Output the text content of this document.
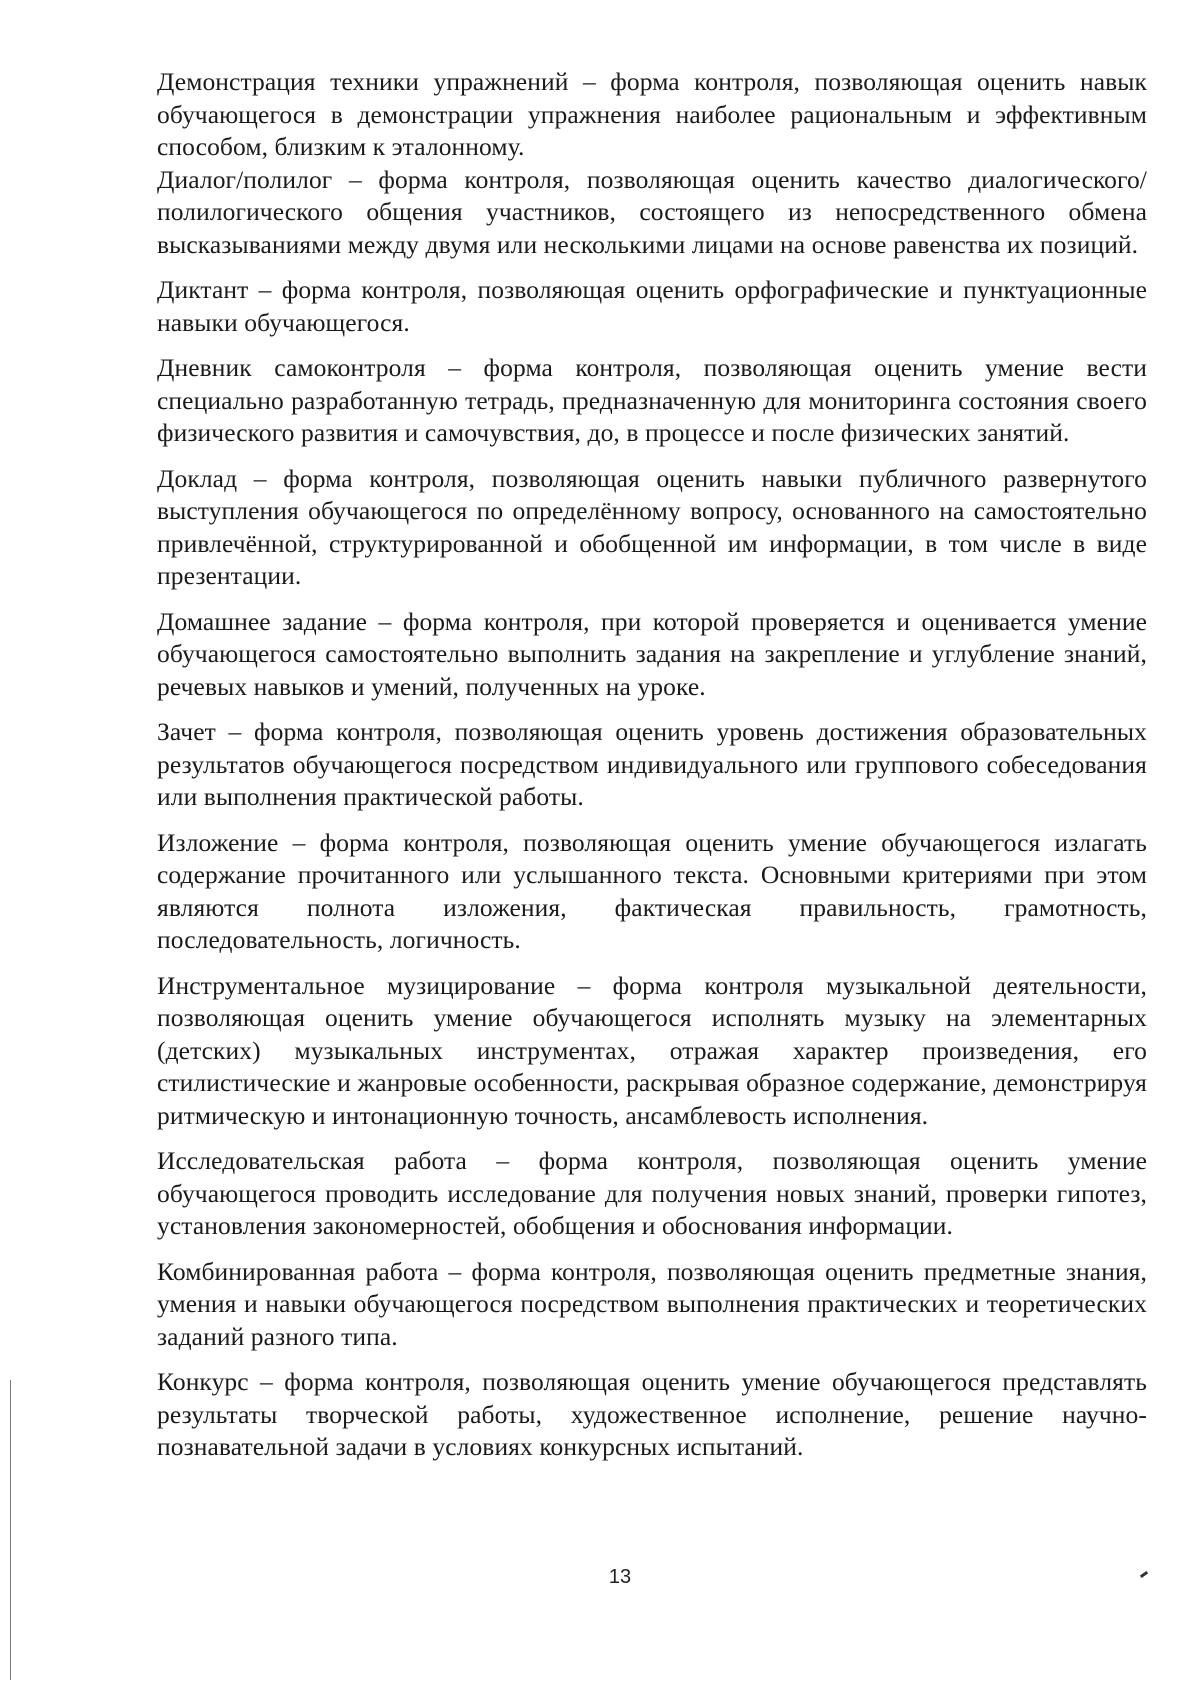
Демонстрация техники упражнений – форма контроля, позволяющая оценить навык обучающегося в демонстрации упражнения наиболее рациональным и эффективным способом, близким к эталонному.

Диалог/полилог – форма контроля, позволяющая оценить качество диалогического/полилогического общения участников, состоящего из непосредственного обмена высказываниями между двумя или несколькими лицами на основе равенства их позиций.

Диктант – форма контроля, позволяющая оценить орфографические и пунктуационные навыки обучающегося.

Дневник самоконтроля – форма контроля, позволяющая оценить умение вести специально разработанную тетрадь, предназначенную для мониторинга состояния своего физического развития и самочувствия, до, в процессе и после физических занятий.

Доклад – форма контроля, позволяющая оценить навыки публичного развернутого выступления обучающегося по определённому вопросу, основанного на самостоятельно привлечённой, структурированной и обобщенной им информации, в том числе в виде презентации.

Домашнее задание – форма контроля, при которой проверяется и оценивается умение обучающегося самостоятельно выполнить задания на закрепление и углубление знаний, речевых навыков и умений, полученных на уроке.

Зачет – форма контроля, позволяющая оценить уровень достижения образовательных результатов обучающегося посредством индивидуального или группового собеседования или выполнения практической работы.

Изложение – форма контроля, позволяющая оценить умение обучающегося излагать содержание прочитанного или услышанного текста. Основными критериями при этом являются полнота изложения, фактическая правильность, грамотность, последовательность, логичность.

Инструментальное музицирование – форма контроля музыкальной деятельности, позволяющая оценить умение обучающегося исполнять музыку на элементарных (детских) музыкальных инструментах, отражая характер произведения, его стилистические и жанровые особенности, раскрывая образное содержание, демонстрируя ритмическую и интонационную точность, ансамблевость исполнения.

Исследовательская работа – форма контроля, позволяющая оценить умение обучающегося проводить исследование для получения новых знаний, проверки гипотез, установления закономерностей, обобщения и обоснования информации.

Комбинированная работа – форма контроля, позволяющая оценить предметные знания, умения и навыки обучающегося посредством выполнения практических и теоретических заданий разного типа.

Конкурс – форма контроля, позволяющая оценить умение обучающегося представлять результаты творческой работы, художественное исполнение, решение научно-познавательной задачи в условиях конкурсных испытаний.

13
